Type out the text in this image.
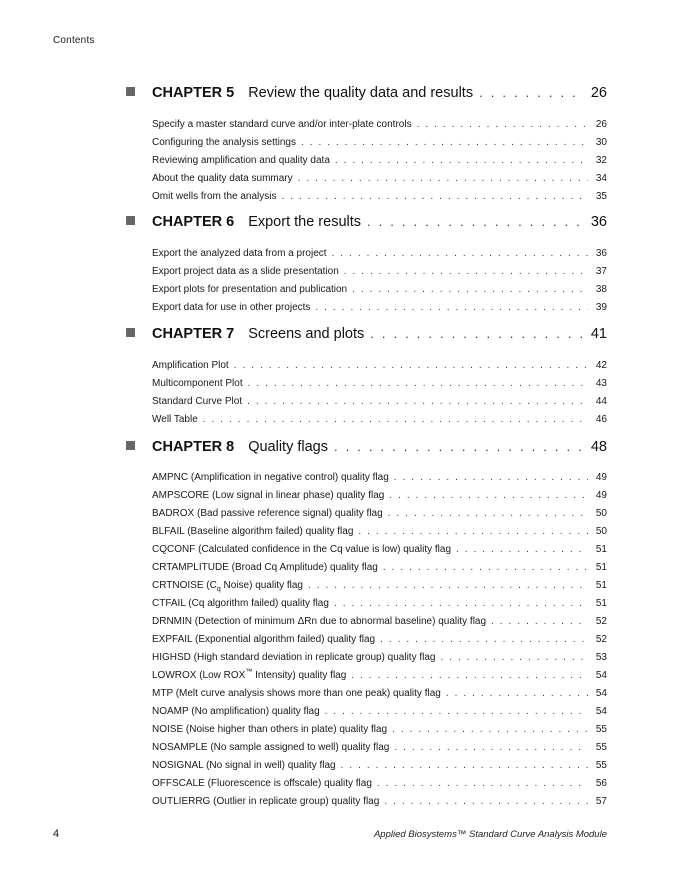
Contents
CHAPTER 5 Review the quality data and results . . .	26
Specify a master standard curve and/or inter-plate controls . . .	26
Configuring the analysis settings . . .	30
Reviewing amplification and quality data . . .	32
About the quality data summary . . .	34
Omit wells from the analysis . . .	35
CHAPTER 6 Export the results . . .	36
Export the analyzed data from a project . . .	36
Export project data as a slide presentation . . .	37
Export plots for presentation and publication . . .	38
Export data for use in other projects . . .	39
CHAPTER 7 Screens and plots . . .	41
Amplification Plot . . .	42
Multicomponent Plot . . .	43
Standard Curve Plot . . .	44
Well Table . . .	46
CHAPTER 8 Quality flags . . .	48
AMPNC (Amplification in negative control) quality flag . . .	49
AMPSCORE (Low signal in linear phase) quality flag . . .	49
BADROX (Bad passive reference signal) quality flag . . .	50
BLFAIL (Baseline algorithm failed) quality flag . . .	50
CQCONF (Calculated confidence in the Cq value is low) quality flag . . .	51
CRTAMPLITUDE (Broad Cq Amplitude) quality flag . . .	51
CRTNOISE ($C_q$ Noise) quality flag . . .	51
CTFAIL (Cq algorithm failed) quality flag . . .	51
DRNMIN (Detection of minimum ΔRn due to abnormal baseline) quality flag . . .	52
EXPFAIL (Exponential algorithm failed) quality flag . . .	52
HIGHSD (High standard deviation in replicate group) quality flag . . .	53
LOWROX (Low ROX™ Intensity) quality flag . . .	54
MTP (Melt curve analysis shows more than one peak) quality flag . . .	54
NOAMP (No amplification) quality flag . . .	54
NOISE (Noise higher than others in plate) quality flag . . .	55
NOSAMPLE (No sample assigned to well) quality flag . . .	55
NOSIGNAL (No signal in well) quality flag . . .	55
OFFSCALE (Fluorescence is offscale) quality flag . . .	56
OUTLIERRG (Outlier in replicate group) quality flag . . .	57
4	Applied Biosystems™ Standard Curve Analysis Module
